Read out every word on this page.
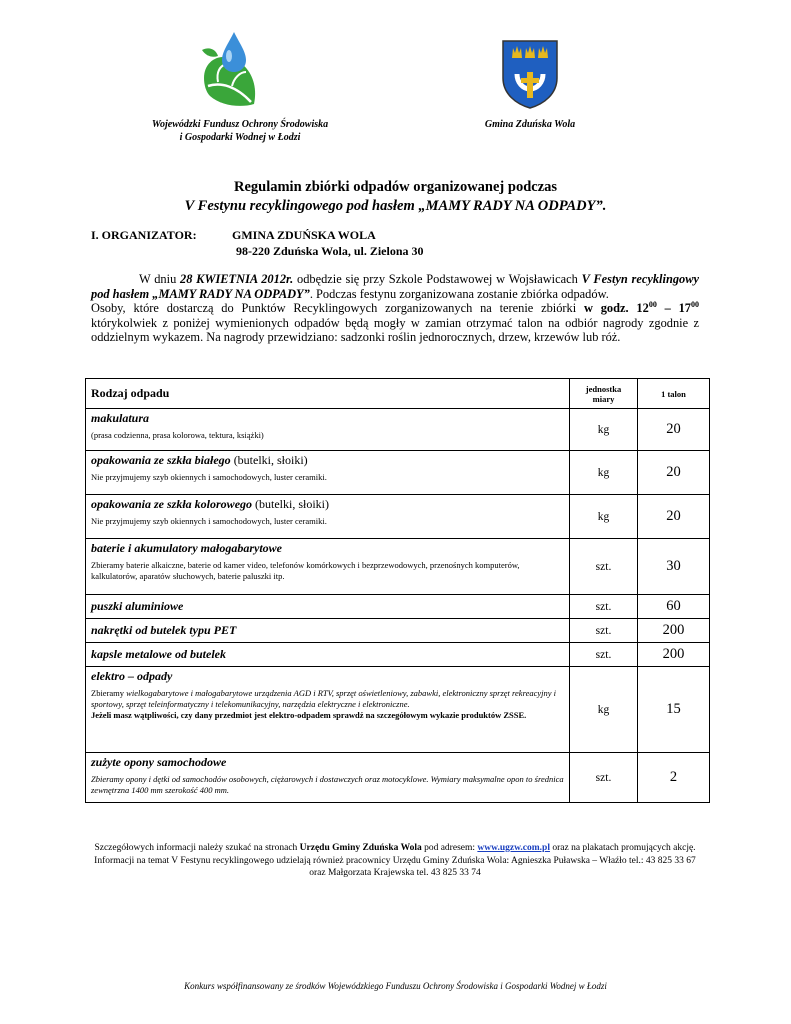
Wojewódzki Fundusz Ochrony Środowiska
i Gospodarki Wodnej w Łodzi
Gmina Zduńska Wola
Regulamin zbiórki odpadów organizowanej podczas
V Festynu recyklingowego pod hasłem „MAMY RADY NA ODPADY”.
I. ORGANIZATOR:	GMINA ZDUŃSKA WOLA
98-220 Zduńska Wola, ul. Zielona 30

W dniu 28 KWIETNIA 2012r. odbędzie się przy Szkole Podstawowej w Wojsławicach V Festyn recyklingowy pod hasłem „MAMY RADY NA ODPADY”. Podczas festynu zorganizowana zostanie zbiórka odpadów.

Osoby, które dostarczą do Punktów Recyklingowych zorganizowanych na terenie zbiórki w godz. $12^{00} - 17^{00}$ którykolwiek z poniżej wymienionych odpadów będą mogły w zamian otrzymać talon na odbiór nagrody zgodnie z oddzielnym wykazem. Na nagrody przewidziano: sadzonki roślin jednorocznych, drzew, krzewów lub róż.

Rodzaj odpadu	jednostka miary	1 talon

makulatura
(prasa codzienna, prasa kolorowa, tektura, książki)	kg	20

opakowania ze szkła białego (butelki, słoiki)
Nie przyjmujemy szyb okiennych i samochodowych, luster ceramiki.	kg	20

opakowania ze szkła kolorowego (butelki, słoiki)
Nie przyjmujemy szyb okiennych i samochodowych, luster ceramiki.	kg	20

baterie i akumulatory małogabarytowe
Zbieramy baterie alkaiczne, baterie od kamer video, telefonów komórkowych i bezprzewodowych, przenośnych komputerów, kalkulatorów, aparatów słuchowych, baterie paluszki itp.	szt.	30

puszki aluminiowe	szt.	60

nakrętki od butelek typu PET	szt.	200

kapsle metalowe od butelek	szt.	200

elektro – odpady
Zbieramy wielkogabarytowe i małogabarytowe urządzenia AGD i RTV, sprzęt oświetleniowy, zabawki, elektroniczny sprzęt rekreacyjny i sportowy, sprzęt teleinformatyczny i telekomunikacyjny, narzędzia elektryczne i elektroniczne.
Jeżeli masz wątpliwości, czy dany przedmiot jest elektro-odpadem sprawdź na szczegółowym wykazie produktów ZSSE.	kg	15

zużyte opony samochodowe
Zbieramy opony i dętki od samochodów osobowych, ciężarowych i dostawczych oraz motocyklowe. Wymiary maksymalne opon to średnica zewnętrzna 1400 mm szerokość 400 mm.	szt.	2
Szczegółowych informacji należy szukać na stronach Urzędu Gminy Zduńska Wola pod adresem: www.ugzw.com.pl oraz na plakatach promujących akcję. Informacji na temat V Festynu recyklingowego udzielają również pracownicy Urzędu Gminy Zduńska Wola: Agnieszka Puławska – Właźło tel.: 43 825 33 67 oraz Małgorzata Krajewska tel. 43 825 33 74
Konkurs współfinansowany ze środków Wojewódzkiego Funduszu Ochrony Środowiska i Gospodarki Wodnej w Łodzi
